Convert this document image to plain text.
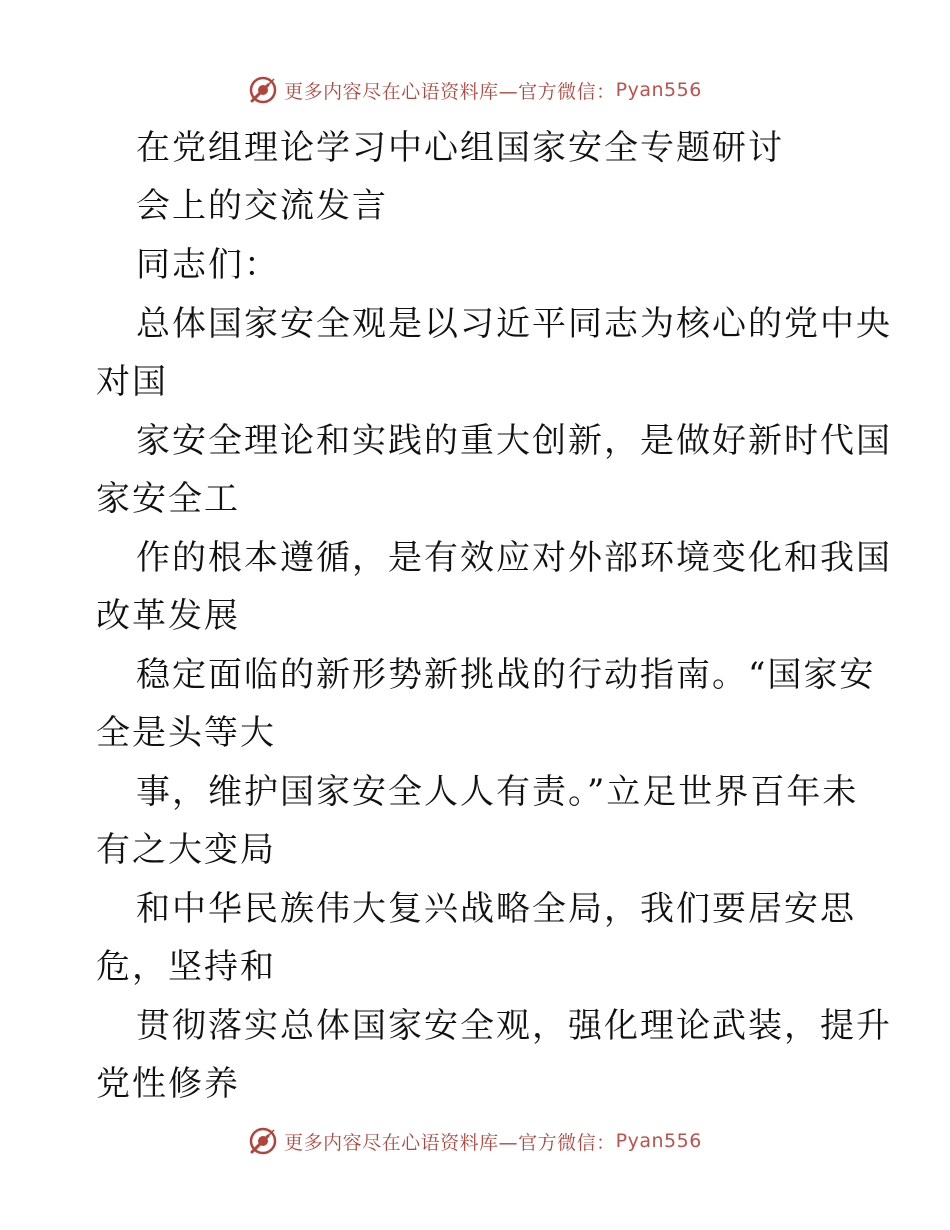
更多内容尽在心语资料库—官方微信： Pyan556
在党组理论学习中心组国家安全专题研讨
会上的交流发言
同志们：
总体国家安全观是以习近平同志为核心的党中央
对国
家安全理论和实践的重大创新，是做好新时代国
家安全工
作的根本遵循，是有效应对外部环境变化和我国
改革发展
稳定面临的新形势新挑战的行动指南。“国家安
全是头等大
事，维护国家安全人人有责。”立足世界百年未
有之大变局
和中华民族伟大复兴战略全局，我们要居安思
危，坚持和
贯彻落实总体国家安全观，强化理论武装，提升
党性修养
更多内容尽在心语资料库—官方微信： Pyan556
